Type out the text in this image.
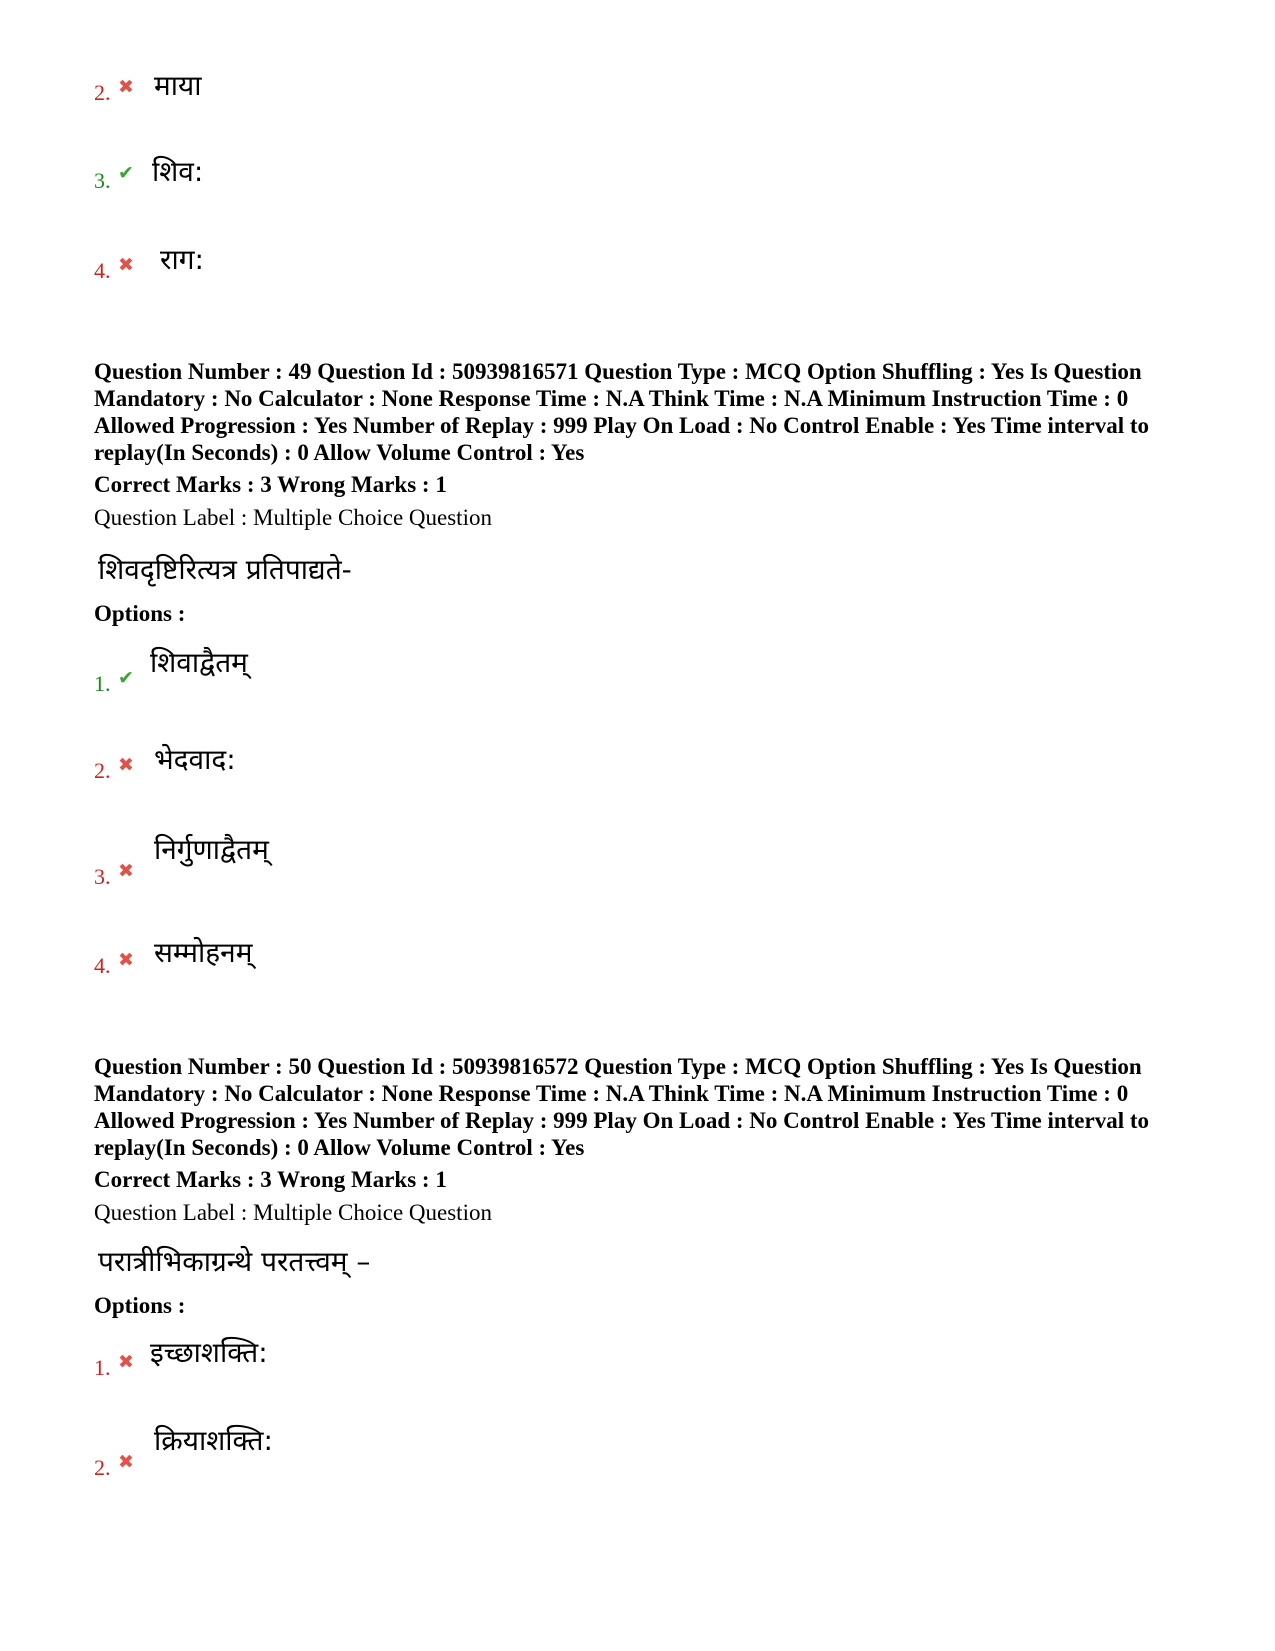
2. ✖ माया
3. ✔ शिव:
4. ✖ राग:
Question Number : 49 Question Id : 50939816571 Question Type : MCQ Option Shuffling : Yes Is Question Mandatory : No Calculator : None Response Time : N.A Think Time : N.A Minimum Instruction Time : 0 Allowed Progression : Yes Number of Replay : 999 Play On Load : No Control Enable : Yes Time interval to replay(In Seconds) : 0 Allow Volume Control : Yes
Correct Marks : 3 Wrong Marks : 1
Question Label : Multiple Choice Question
शिवदृष्टिरित्यत्र प्रतिपाद्यते-
Options :
1. ✔ शिवाद्वैतम्
2. ✖ भेदवाद:
3. ✖
निर्गुणाद्वैतम्
4. ✖ सम्मोहनम्
Question Number : 50 Question Id : 50939816572 Question Type : MCQ Option Shuffling : Yes Is Question Mandatory : No Calculator : None Response Time : N.A Think Time : N.A Minimum Instruction Time : 0 Allowed Progression : Yes Number of Replay : 999 Play On Load : No Control Enable : Yes Time interval to replay(In Seconds) : 0 Allow Volume Control : Yes
Correct Marks : 3 Wrong Marks : 1
Question Label : Multiple Choice Question
परात्रीभिकाग्रन्थे परतत्त्वम् –
Options :
1. ✖ इच्छाशक्ति:
2. ✖
क्रियाशक्ति:
